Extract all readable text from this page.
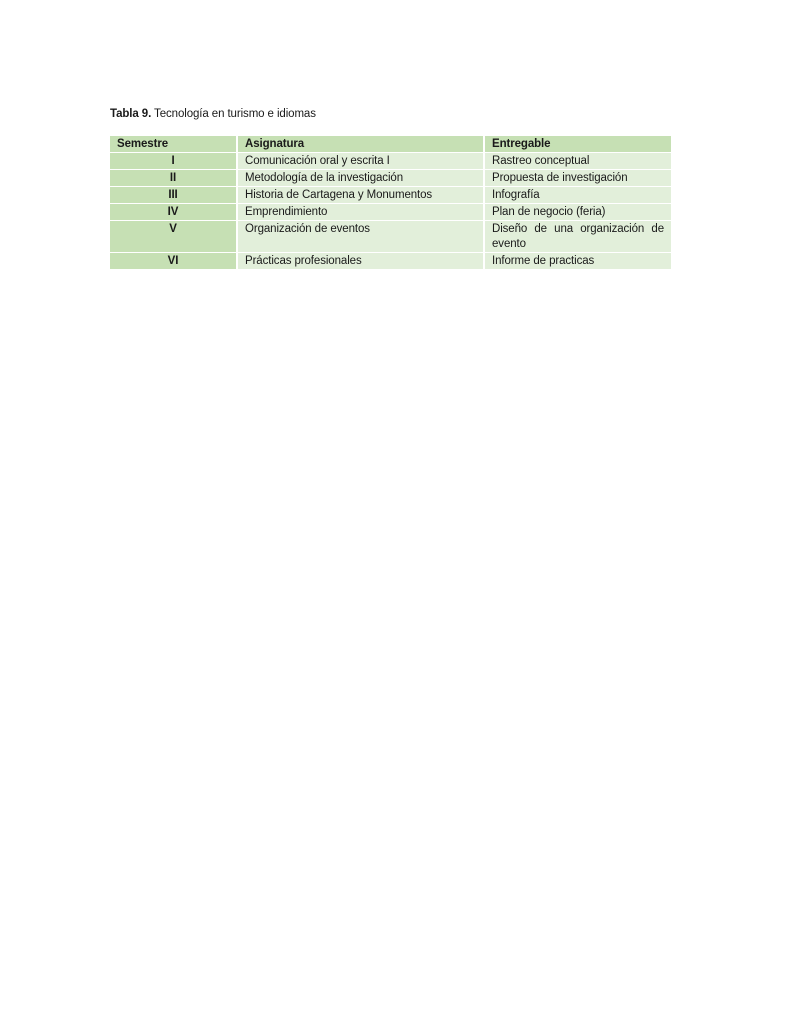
Tabla 9. Tecnología en turismo e idiomas
Semestre	Asignatura	Entregable
I	Comunicación oral y escrita I	Rastreo conceptual
II	Metodología de la investigación	Propuesta de investigación
III	Historia de Cartagena y Monumentos	Infografía
IV	Emprendimiento	Plan de negocio (feria)
V	Organización de eventos	Diseño de una organización de evento
VI	Prácticas profesionales	Informe de practicas
